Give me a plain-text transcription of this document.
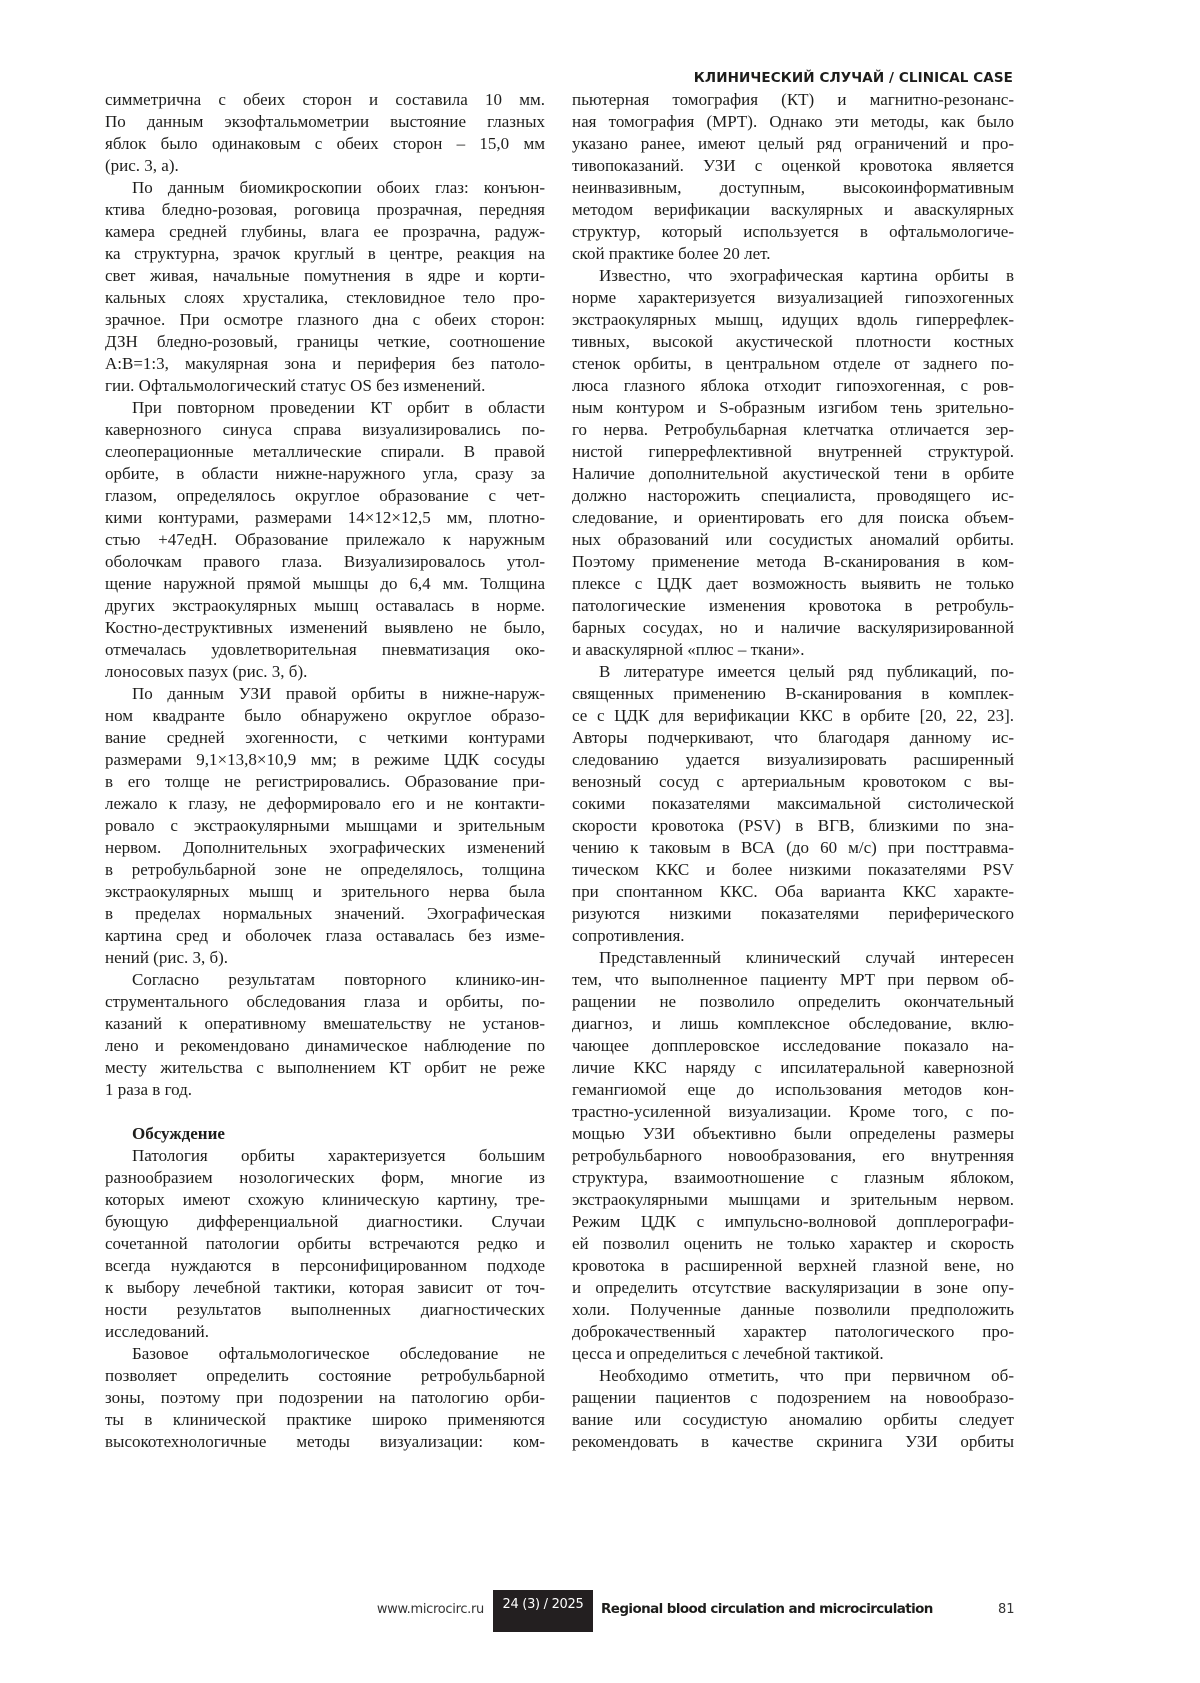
КЛИНИЧЕСКИЙ СЛУЧАЙ / CLINICAL CASE
симметрична с обеих сторон и составила 10 мм.
По данным экзофтальмометрии выстояние глазных
яблок было одинаковым с обеих сторон – 15,0 мм
(рис. 3, а).
По данным биомикроскопии обоих глаз: конъюн-
ктива бледно-розовая, роговица прозрачная, передняя
камера средней глубины, влага ее прозрачна, радуж-
ка структурна, зрачок круглый в центре, реакция на
свет живая, начальные помутнения в ядре и корти-
кальных слоях хрусталика, стекловидное тело про-
зрачное. При осмотре глазного дна с обеих сторон:
ДЗН бледно-розовый, границы четкие, соотношение
А:В=1:3, макулярная зона и периферия без патоло-
гии. Офтальмологический статус OS без изменений.
При повторном проведении КТ орбит в области
кавернозного синуса справа визуализировались по-
слеоперационные металлические спирали. В правой
орбите, в области нижне-наружного угла, сразу за
глазом, определялось округлое образование с чет-
кими контурами, размерами 14×12×12,5 мм, плотно-
стью +47едН. Образование прилежало к наружным
оболочкам правого глаза. Визуализировалось утол-
щение наружной прямой мышцы до 6,4 мм. Толщина
других экстраокулярных мышц оставалась в норме.
Костно-деструктивных изменений выявлено не было,
отмечалась удовлетворительная пневматизация око-
лоносовых пазух (рис. 3, б).
По данным УЗИ правой орбиты в нижне-наруж-
ном квадранте было обнаружено округлое образо-
вание средней эхогенности, с четкими контурами
размерами 9,1×13,8×10,9 мм; в режиме ЦДК сосуды
в его толще не регистрировались. Образование при-
лежало к глазу, не деформировало его и не контакти-
ровало с экстраокулярными мышцами и зрительным
нервом. Дополнительных эхографических изменений
в ретробульбарной зоне не определялось, толщина
экстраокулярных мышц и зрительного нерва была
в пределах нормальных значений. Эхографическая
картина сред и оболочек глаза оставалась без изме-
нений (рис. 3, б).
Согласно результатам повторного клинико-ин-
струментального обследования глаза и орбиты, по-
казаний к оперативному вмешательству не установ-
лено и рекомендовано динамическое наблюдение по
месту жительства с выполнением КТ орбит не реже
1 раза в год.
Обсуждение
Патология орбиты характеризуется большим
разнообразием нозологических форм, многие из
которых имеют схожую клиническую картину, тре-
бующую дифференциальной диагностики. Случаи
сочетанной патологии орбиты встречаются редко и
всегда нуждаются в персонифицированном подходе
к выбору лечебной тактики, которая зависит от точ-
ности результатов выполненных диагностических
исследований.
Базовое офтальмологическое обследование не
позволяет определить состояние ретробульбарной
зоны, поэтому при подозрении на патологию орби-
ты в клинической практике широко применяются
высокотехнологичные методы визуализации: ком-
пьютерная томография (КТ) и магнитно-резонанс-
ная томография (МРТ). Однако эти методы, как было
указано ранее, имеют целый ряд ограничений и про-
тивопоказаний. УЗИ с оценкой кровотока является
неинвазивным, доступным, высокоинформативным
методом верификации васкулярных и аваскулярных
структур, который используется в офтальмологиче-
ской практике более 20 лет.
Известно, что эхографическая картина орбиты в
норме характеризуется визуализацией гипоэхогенных
экстраокулярных мышц, идущих вдоль гиперрефлек-
тивных, высокой акустической плотности костных
стенок орбиты, в центральном отделе от заднего по-
люса глазного яблока отходит гипоэхогенная, с ров-
ным контуром и S-образным изгибом тень зрительно-
го нерва. Ретробульбарная клетчатка отличается зер-
нистой гиперрефлективной внутренней структурой.
Наличие дополнительной акустической тени в орбите
должно насторожить специалиста, проводящего ис-
следование, и ориентировать его для поиска объем-
ных образований или сосудистых аномалий орбиты.
Поэтому применение метода В-сканирования в ком-
плексе с ЦДК дает возможность выявить не только
патологические изменения кровотока в ретробуль-
барных сосудах, но и наличие васкуляризированной
и аваскулярной «плюс – ткани».
В литературе имеется целый ряд публикаций, по-
священных применению В-сканирования в комплек-
се с ЦДК для верификации ККС в орбите [20, 22, 23].
Авторы подчеркивают, что благодаря данному ис-
следованию удается визуализировать расширенный
венозный сосуд с артериальным кровотоком с вы-
сокими показателями максимальной систолической
скорости кровотока (PSV) в ВГВ, близкими по зна-
чению к таковым в ВСА (до 60 м/с) при посттравма-
тическом ККС и более низкими показателями PSV
при спонтанном ККС. Оба варианта ККС характе-
ризуются низкими показателями периферического
сопротивления.
Представленный клинический случай интересен
тем, что выполненное пациенту МРТ при первом об-
ращении не позволило определить окончательный
диагноз, и лишь комплексное обследование, вклю-
чающее допплеровское исследование показало на-
личие ККС наряду с ипсилатеральной кавернозной
гемангиомой еще до использования методов кон-
трастно-усиленной визуализации. Кроме того, с по-
мощью УЗИ объективно были определены размеры
ретробульбарного новообразования, его внутренняя
структура, взаимоотношение с глазным яблоком,
экстраокулярными мышцами и зрительным нервом.
Режим ЦДК с импульсно-волновой допплерографи-
ей позволил оценить не только характер и скорость
кровотока в расширенной верхней глазной вене, но
и определить отсутствие васкуляризации в зоне опу-
холи. Полученные данные позволили предположить
доброкачественный характер патологического про-
цесса и определиться с лечебной тактикой.
Необходимо отметить, что при первичном об-
ращении пациентов с подозрением на новообразо-
вание или сосудистую аномалию орбиты следует
рекомендовать в качестве скринига УЗИ орбиты
www.microcirc.ru	24 (3) / 2025	Regional blood circulation and microcirculation	81
